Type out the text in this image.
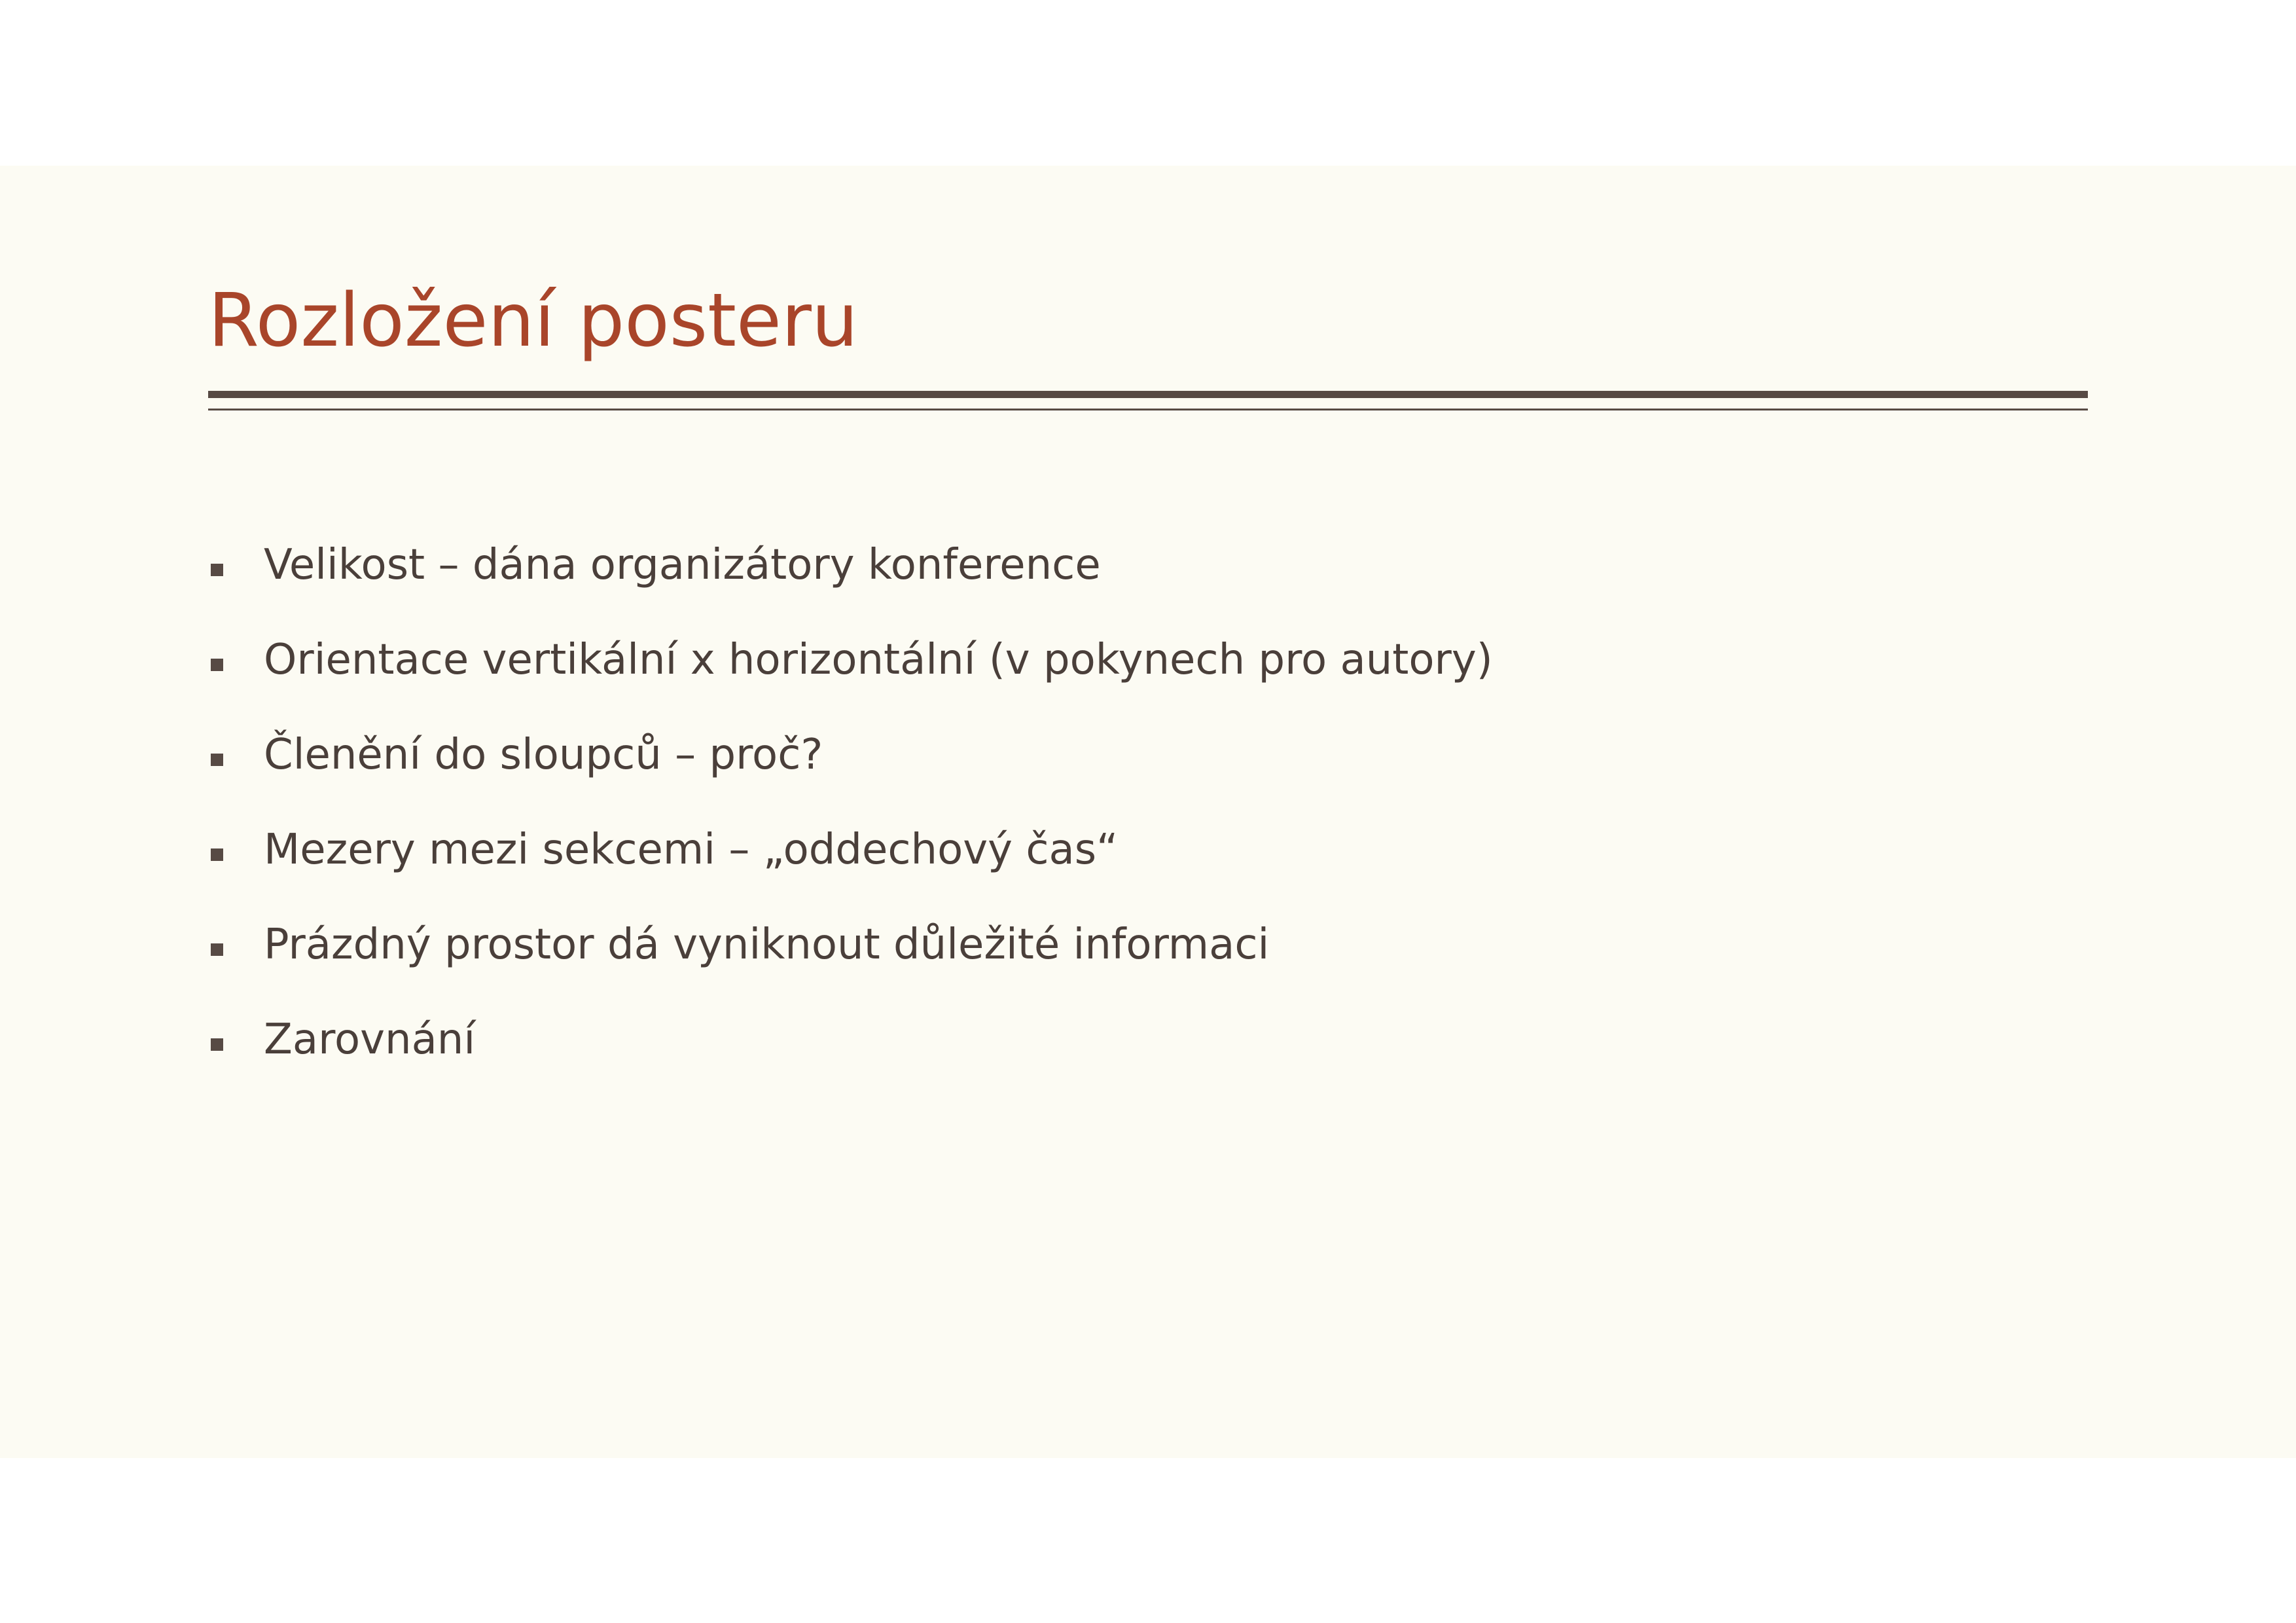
Rozložení posteru
Velikost – dána organizátory konference
Orientace vertikální x horizontální (v pokynech pro autory)
Členění do sloupců – proč?
Mezery mezi sekcemi – „oddechový čas“
Prázdný prostor dá vyniknout důležité informaci
Zarovnání
